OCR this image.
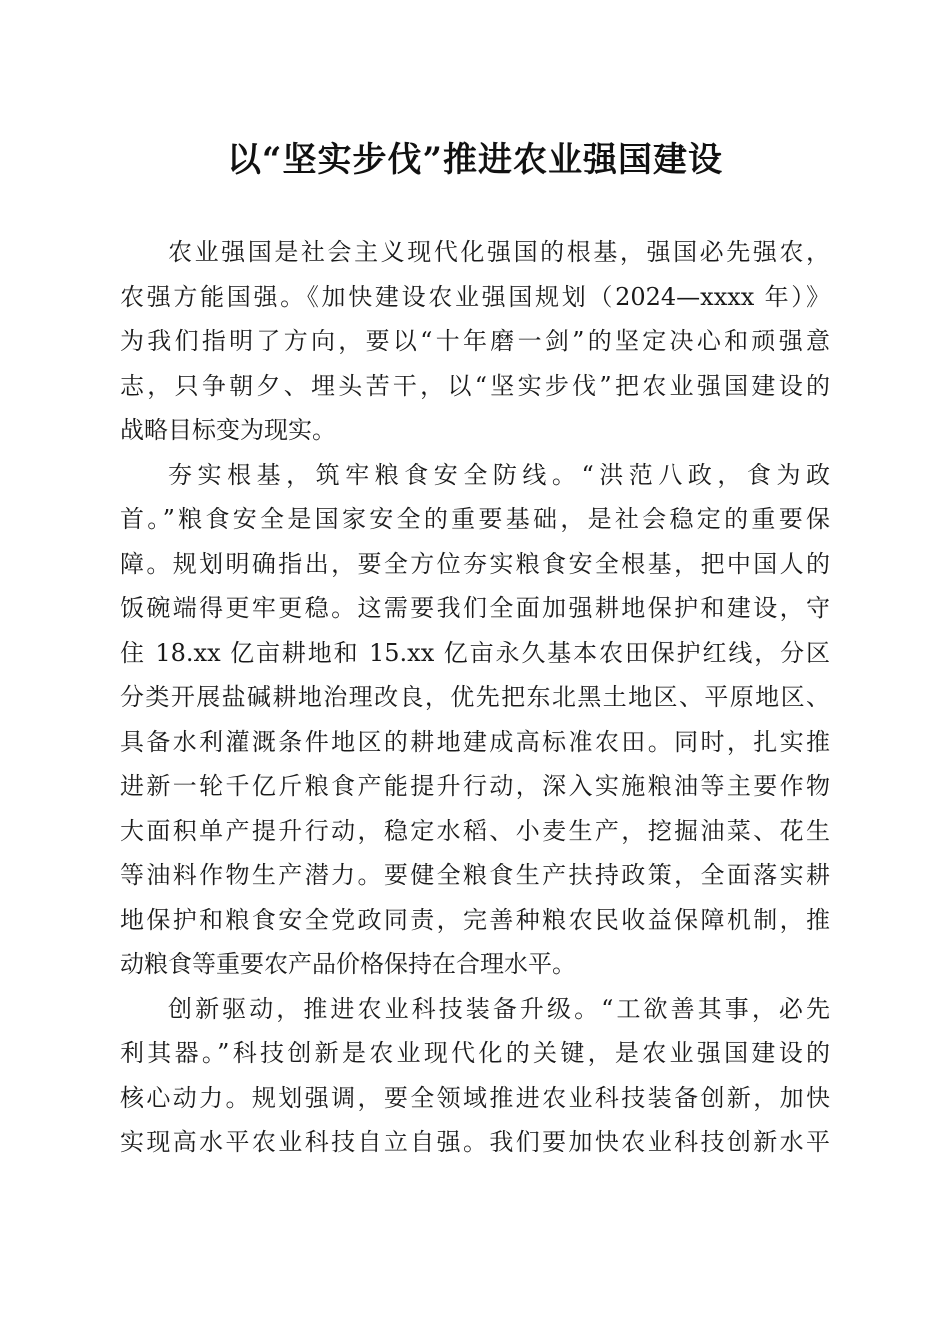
以“坚实步伐”推进农业强国建设
农业强国是社会主义现代化强国的根基，强国必先强农，
农强方能国强。《加快建设农业强国规划（2024—xxxx 年）》
为我们指明了方向，要以“十年磨一剑”的坚定决心和顽强意
志，只争朝夕、埋头苦干，以“坚实步伐”把农业强国建设的
战略目标变为现实。
夯实根基，筑牢粮食安全防线。“洪范八政，食为政
首。”粮食安全是国家安全的重要基础，是社会稳定的重要保
障。规划明确指出，要全方位夯实粮食安全根基，把中国人的
饭碗端得更牢更稳。这需要我们全面加强耕地保护和建设，守
住 18.xx 亿亩耕地和 15.xx 亿亩永久基本农田保护红线，分区
分类开展盐碱耕地治理改良，优先把东北黑土地区、平原地区、
具备水利灌溉条件地区的耕地建成高标准农田。同时，扎实推
进新一轮千亿斤粮食产能提升行动，深入实施粮油等主要作物
大面积单产提升行动，稳定水稻、小麦生产，挖掘油菜、花生
等油料作物生产潜力。要健全粮食生产扶持政策，全面落实耕
地保护和粮食安全党政同责，完善种粮农民收益保障机制，推
动粮食等重要农产品价格保持在合理水平。
创新驱动，推进农业科技装备升级。“工欲善其事，必先
利其器。”科技创新是农业现代化的关键，是农业强国建设的
核心动力。规划强调，要全领域推进农业科技装备创新，加快
实现高水平农业科技自立自强。我们要加快农业科技创新水平
